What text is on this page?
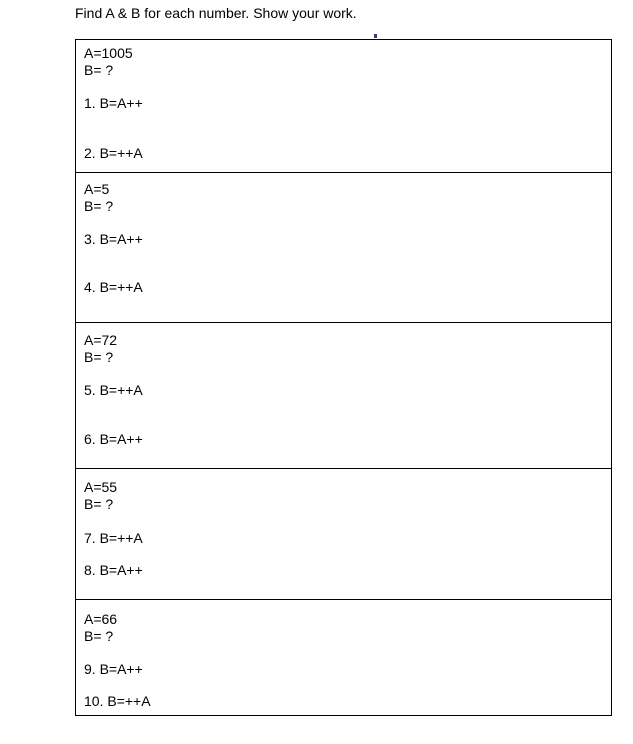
Find A & B for each number. Show your work.
A=1005
B= ?
1. B=A++
2. B=++A
A=5
B= ?
3. B=A++
4. B=++A
A=72
B= ?
5. B=++A
6. B=A++
A=55
B= ?
7. B=++A
8. B=A++
A=66
B= ?
9. B=A++
10. B=++A
